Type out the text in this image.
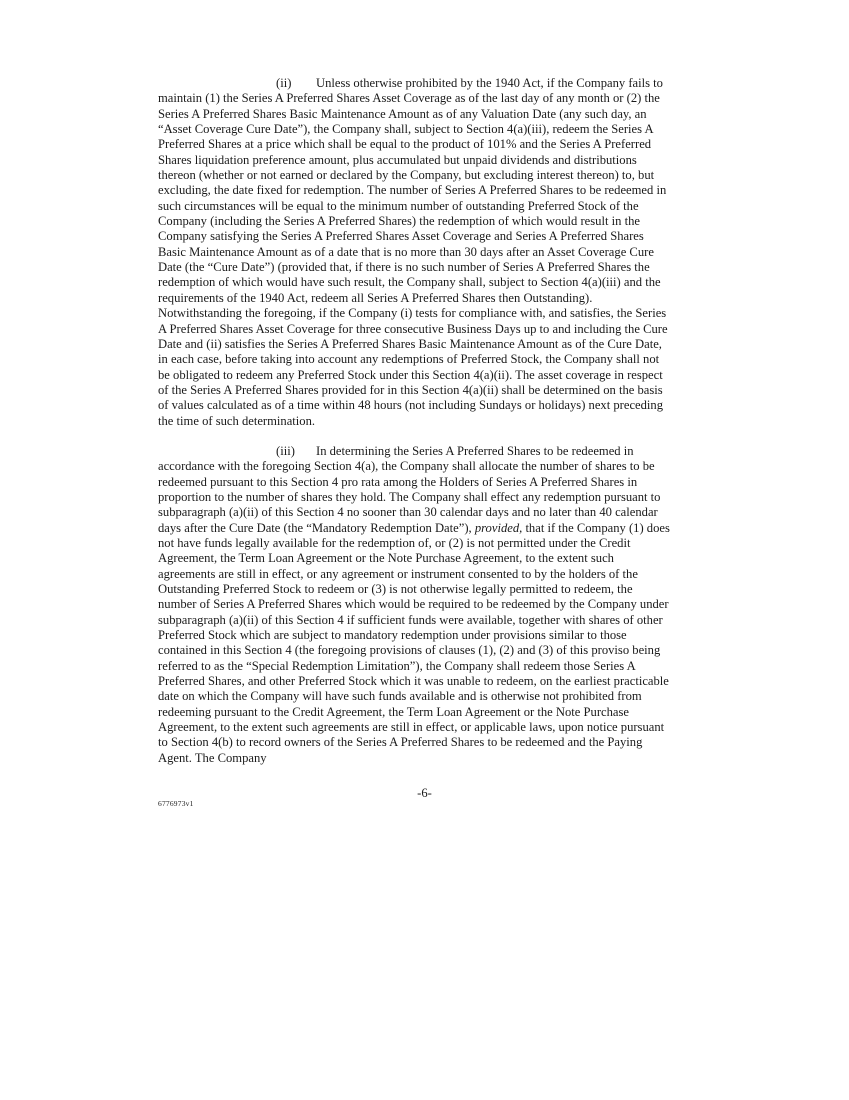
(ii) Unless otherwise prohibited by the 1940 Act, if the Company fails to maintain (1) the Series A Preferred Shares Asset Coverage as of the last day of any month or (2) the Series A Preferred Shares Basic Maintenance Amount as of any Valuation Date (any such day, an “Asset Coverage Cure Date”), the Company shall, subject to Section 4(a)(iii), redeem the Series A Preferred Shares at a price which shall be equal to the product of 101% and the Series A Preferred Shares liquidation preference amount, plus accumulated but unpaid dividends and distributions thereon (whether or not earned or declared by the Company, but excluding interest thereon) to, but excluding, the date fixed for redemption. The number of Series A Preferred Shares to be redeemed in such circumstances will be equal to the minimum number of outstanding Preferred Stock of the Company (including the Series A Preferred Shares) the redemption of which would result in the Company satisfying the Series A Preferred Shares Asset Coverage and Series A Preferred Shares Basic Maintenance Amount as of a date that is no more than 30 days after an Asset Coverage Cure Date (the “Cure Date”) (provided that, if there is no such number of Series A Preferred Shares the redemption of which would have such result, the Company shall, subject to Section 4(a)(iii) and the requirements of the 1940 Act, redeem all Series A Preferred Shares then Outstanding). Notwithstanding the foregoing, if the Company (i) tests for compliance with, and satisfies, the Series A Preferred Shares Asset Coverage for three consecutive Business Days up to and including the Cure Date and (ii) satisfies the Series A Preferred Shares Basic Maintenance Amount as of the Cure Date, in each case, before taking into account any redemptions of Preferred Stock, the Company shall not be obligated to redeem any Preferred Stock under this Section 4(a)(ii). The asset coverage in respect of the Series A Preferred Shares provided for in this Section 4(a)(ii) shall be determined on the basis of values calculated as of a time within 48 hours (not including Sundays or holidays) next preceding the time of such determination.

(iii) In determining the Series A Preferred Shares to be redeemed in accordance with the foregoing Section 4(a), the Company shall allocate the number of shares to be redeemed pursuant to this Section 4 pro rata among the Holders of Series A Preferred Shares in proportion to the number of shares they hold. The Company shall effect any redemption pursuant to subparagraph (a)(ii) of this Section 4 no sooner than 30 calendar days and no later than 40 calendar days after the Cure Date (the “Mandatory Redemption Date”), provided, that if the Company (1) does not have funds legally available for the redemption of, or (2) is not permitted under the Credit Agreement, the Term Loan Agreement or the Note Purchase Agreement, to the extent such agreements are still in effect, or any agreement or instrument consented to by the holders of the Outstanding Preferred Stock to redeem or (3) is not otherwise legally permitted to redeem, the number of Series A Preferred Shares which would be required to be redeemed by the Company under subparagraph (a)(ii) of this Section 4 if sufficient funds were available, together with shares of other Preferred Stock which are subject to mandatory redemption under provisions similar to those contained in this Section 4 (the foregoing provisions of clauses (1), (2) and (3) of this proviso being referred to as the “Special Redemption Limitation”), the Company shall redeem those Series A Preferred Shares, and other Preferred Stock which it was unable to redeem, on the earliest practicable date on which the Company will have such funds available and is otherwise not prohibited from redeeming pursuant to the Credit Agreement, the Term Loan Agreement or the Note Purchase Agreement, to the extent such agreements are still in effect, or applicable laws, upon notice pursuant to Section 4(b) to record owners of the Series A Preferred Shares to be redeemed and the Paying Agent. The Company

-6-
6776973v1
